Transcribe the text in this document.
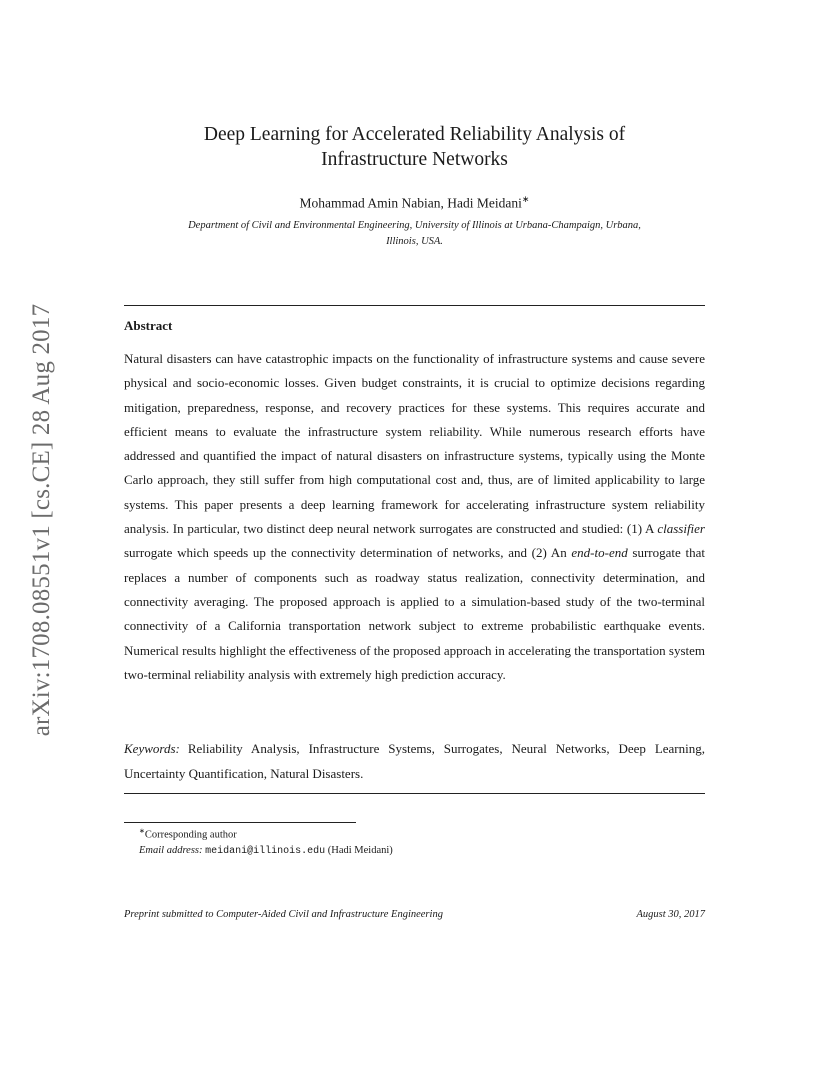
arXiv:1708.08551v1 [cs.CE] 28 Aug 2017
Deep Learning for Accelerated Reliability Analysis of
Infrastructure Networks
Mohammad Amin Nabian, Hadi Meidani∗
Department of Civil and Environmental Engineering, University of Illinois at Urbana-Champaign, Urbana,
Illinois, USA.
Abstract
Natural disasters can have catastrophic impacts on the functionality of infrastructure systems and cause severe physical and socio-economic losses. Given budget constraints, it is crucial to optimize decisions regarding mitigation, preparedness, response, and recovery practices for these systems. This requires accurate and efficient means to evaluate the infrastructure system reliability. While numerous research efforts have addressed and quantified the impact of natural disasters on infrastructure systems, typically using the Monte Carlo approach, they still suffer from high computational cost and, thus, are of limited applicability to large systems. This paper presents a deep learning framework for accelerating infrastructure system reliability analysis. In particular, two distinct deep neural network surrogates are constructed and studied: (1) A classifier surrogate which speeds up the connectivity determination of networks, and (2) An end-to-end surrogate that replaces a number of components such as roadway status realization, connectivity determination, and connectivity averaging. The proposed approach is applied to a simulation-based study of the two-terminal connectivity of a California transportation network subject to extreme probabilistic earthquake events. Numerical results highlight the effectiveness of the proposed approach in accelerating the transportation system two-terminal reliability analysis with extremely high prediction accuracy.
Keywords: Reliability Analysis, Infrastructure Systems, Surrogates, Neural Networks, Deep Learning, Uncertainty Quantification, Natural Disasters.
∗Corresponding author
Email address: meidani@illinois.edu (Hadi Meidani)
Preprint submitted to Computer-Aided Civil and Infrastructure Engineering	August 30, 2017
